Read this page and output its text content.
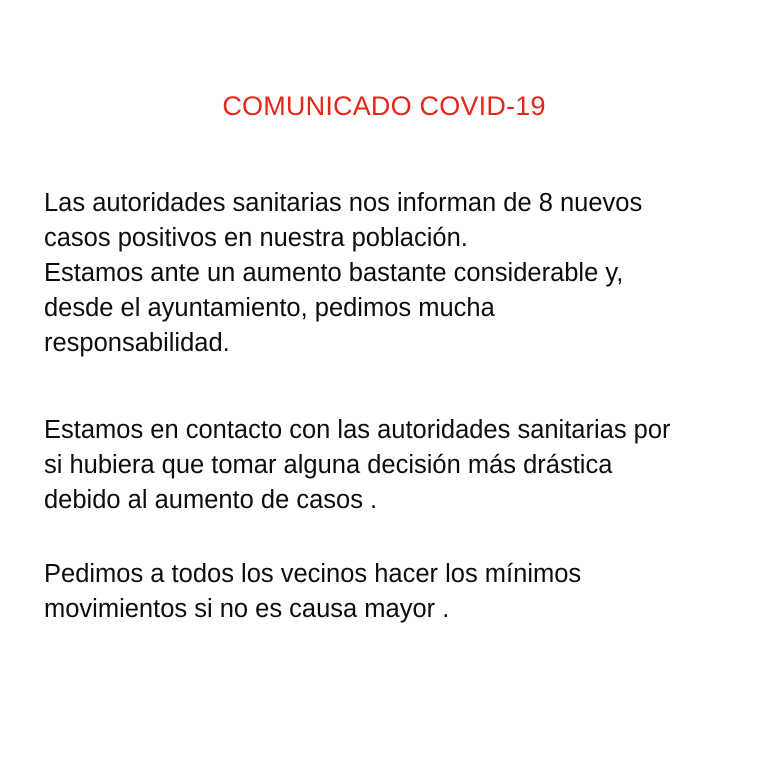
COMUNICADO COVID-19

Las autoridades sanitarias nos informan de 8 nuevos

casos positivos en nuestra población.

Estamos ante un aumento bastante considerable y,

desde el ayuntamiento, pedimos mucha

responsabilidad.

Estamos en contacto con las autoridades sanitarias por

si hubiera que tomar alguna decisión más drástica

debido al aumento de casos .

Pedimos a todos los vecinos hacer los mínimos

movimientos si no es causa mayor .
